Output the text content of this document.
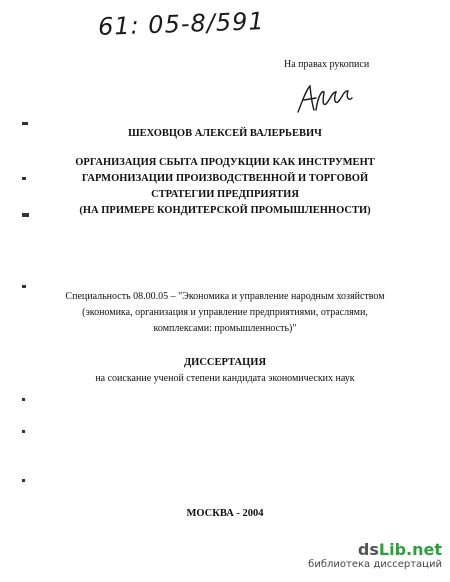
61: 05-8/591
На правах рукописи
ШЕХОВЦОВ АЛЕКСЕЙ ВАЛЕРЬЕВИЧ
ОРГАНИЗАЦИЯ СБЫТА ПРОДУКЦИИ КАК ИНСТРУМЕНТ
ГАРМОНИЗАЦИИ ПРОИЗВОДСТВЕННОЙ И ТОРГОВОЙ
СТРАТЕГИИ ПРЕДПРИЯТИЯ
(НА ПРИМЕРЕ КОНДИТЕРСКОЙ ПРОМЫШЛЕННОСТИ)
Специальность 08.00.05 – "Экономика и управление народным хозяйством
(экономика, организация и управление предприятиями, отраслями,
комплексами: промышленность)"
ДИССЕРТАЦИЯ
на соискание ученой степени кандидата экономических наук
МОСКВА - 2004
dsLib.net
библиотека диссертаций
